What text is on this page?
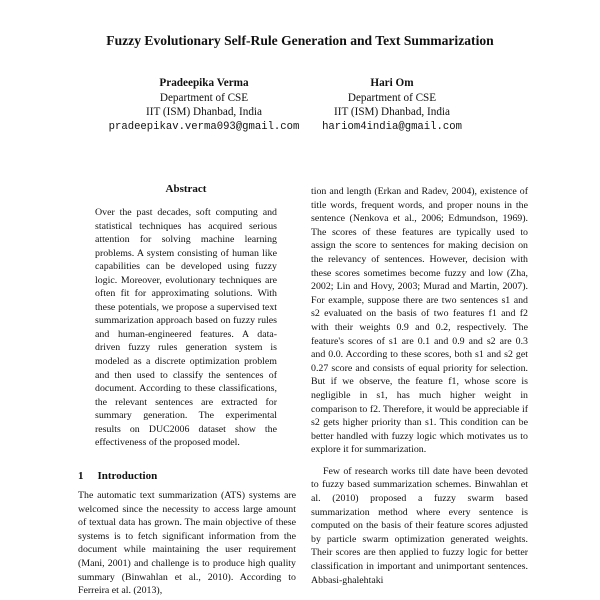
Fuzzy Evolutionary Self-Rule Generation and Text Summarization
Pradeepika Verma
Department of CSE
IIT (ISM) Dhanbad, India
pradeepikav.verma093@gmail.com
Hari Om
Department of CSE
IIT (ISM) Dhanbad, India
hariom4india@gmail.com
Abstract
Over the past decades, soft computing and statistical techniques has acquired serious attention for solving machine learning problems. A system consisting of human like capabilities can be developed using fuzzy logic. Moreover, evolutionary techniques are often fit for approximating solutions. With these potentials, we propose a supervised text summarization approach based on fuzzy rules and human-engineered features. A data-driven fuzzy rules generation system is modeled as a discrete optimization problem and then used to classify the sentences of document. According to these classifications, the relevant sentences are extracted for summary generation. The experimental results on DUC2006 dataset show the effectiveness of the proposed model.
1 Introduction
The automatic text summarization (ATS) systems are welcomed since the necessity to access large amount of textual data has grown. The main objective of these systems is to fetch significant information from the document while maintaining the user requirement (Mani, 2001) and challenge is to produce high quality summary (Binwahlan et al., 2010). According to Ferreira et al. (2013),

tion and length (Erkan and Radev, 2004), existence of title words, frequent words, and proper nouns in the sentence (Nenkova et al., 2006; Edmundson, 1969). The scores of these features are typically used to assign the score to sentences for making decision on the relevancy of sentences. However, decision with these scores sometimes become fuzzy and low (Zha, 2002; Lin and Hovy, 2003; Murad and Martin, 2007). For example, suppose there are two sentences s1 and s2 evaluated on the basis of two features f1 and f2 with their weights 0.9 and 0.2, respectively. The feature's scores of s1 are 0.1 and 0.9 and s2 are 0.3 and 0.0. According to these scores, both s1 and s2 get 0.27 score and consists of equal priority for selection. But if we observe, the feature f1, whose score is negligible in s1, has much higher weight in comparison to f2. Therefore, it would be appreciable if s2 gets higher priority than s1. This condition can be better handled with fuzzy logic which motivates us to explore it for summarization.

Few of research works till date have been devoted to fuzzy based summarization schemes. Binwahlan et al. (2010) proposed a fuzzy swarm based summarization method where every sentence is computed on the basis of their feature scores adjusted by particle swarm optimization generated weights. Their scores are then applied to fuzzy logic for better classification in important and unimportant sentences. Abbasi-ghalehtaki
